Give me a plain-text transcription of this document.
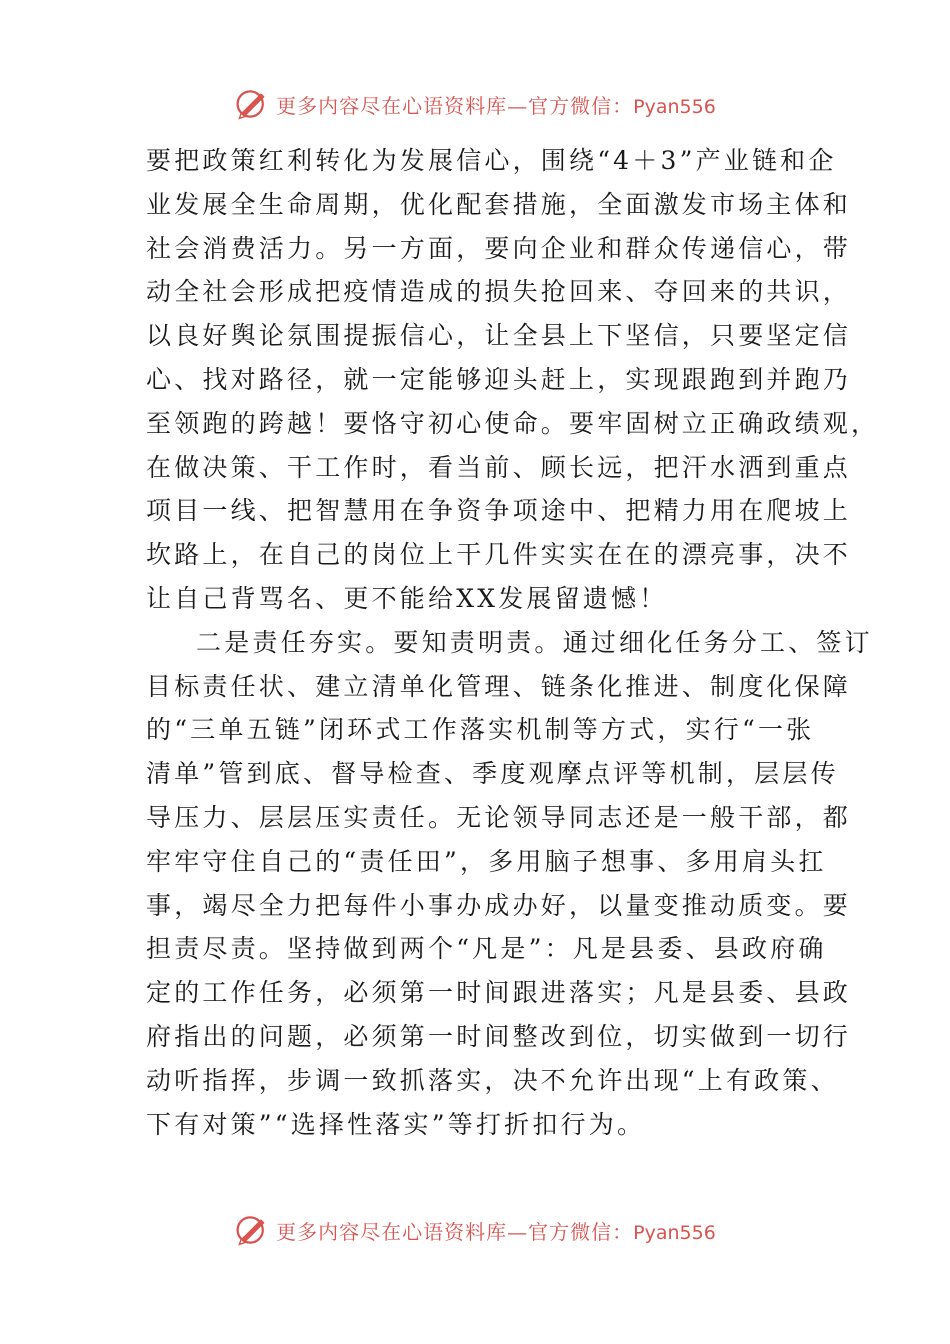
更多内容尽在心语资料库—官方微信：Pyan556
要把政策红利转化为发展信心，围绕“4＋3”产业链和企
业发展全生命周期，优化配套措施，全面激发市场主体和
社会消费活力。另一方面，要向企业和群众传递信心，带
动全社会形成把疫情造成的损失抢回来、夺回来的共识，
以良好舆论氛围提振信心，让全县上下坚信，只要坚定信
心、找对路径，就一定能够迎头赶上，实现跟跑到并跑乃
至领跑的跨越！要恪守初心使命。要牢固树立正确政绩观，
在做决策、干工作时，看当前、顾长远，把汗水洒到重点
项目一线、把智慧用在争资争项途中、把精力用在爬坡上
坎路上，在自己的岗位上干几件实实在在的漂亮事，决不
让自己背骂名、更不能给XX发展留遗憾！
二是责任夯实。要知责明责。通过细化任务分工、签订
目标责任状、建立清单化管理、链条化推进、制度化保障
的“三单五链”闭环式工作落实机制等方式，实行“一张
清单”管到底、督导检查、季度观摩点评等机制，层层传
导压力、层层压实责任。无论领导同志还是一般干部，都
牢牢守住自己的“责任田”，多用脑子想事、多用肩头扛
事，竭尽全力把每件小事办成办好，以量变推动质变。要
担责尽责。坚持做到两个“凡是”：凡是县委、县政府确
定的工作任务，必须第一时间跟进落实；凡是县委、县政
府指出的问题，必须第一时间整改到位，切实做到一切行
动听指挥，步调一致抓落实，决不允许出现“上有政策、
下有对策”“选择性落实”等打折扣行为。
更多内容尽在心语资料库—官方微信：Pyan556
